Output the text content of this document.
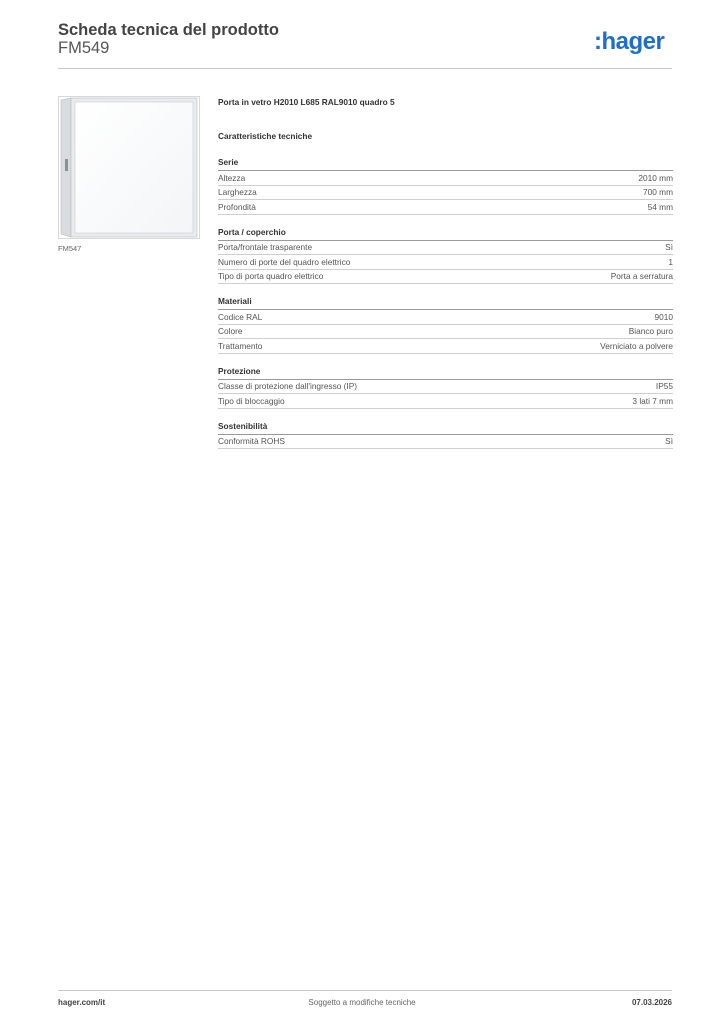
Scheda tecnica del prodotto
FM549	:hager
FM547
Porta in vetro H2010 L685 RAL9010 quadro 5
Caratteristiche tecniche
Serie
Altezza	2010 mm
Larghezza	700 mm
Profondità	54 mm
Porta / coperchio
Porta/frontale trasparente	Sì
Numero di porte del quadro elettrico	1
Tipo di porta quadro elettrico	Porta a serratura
Materiali
Codice RAL	9010
Colore	Bianco puro
Trattamento	Verniciato a polvere
Protezione
Classe di protezione dall'ingresso (IP)	IP55
Tipo di bloccaggio	3 lati 7 mm
Sostenibilità
Conformità ROHS	Sì
hager.com/it	Soggetto a modifiche tecniche	07.03.2026
